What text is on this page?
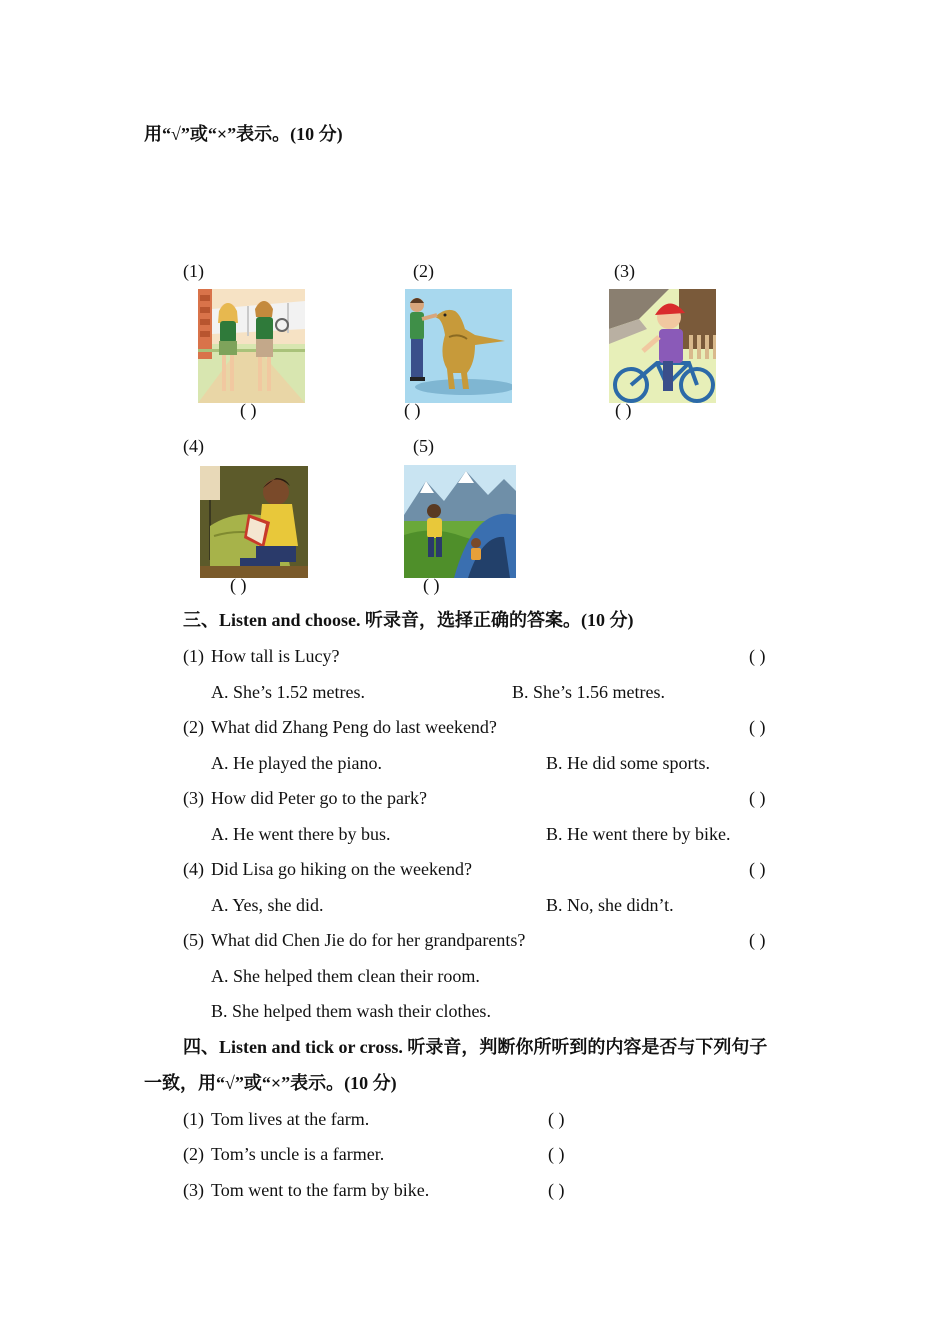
用“√”或“×”表示。(10 分)
(1)
( )
(2)
( )
(3)
( )
(4)
( )
(5)
( )
三、Listen and choose. 听录音，选择正确的答案。(10 分)
(1) How tall is Lucy?	( )
A. She’s 1.52 metres.	B. She’s 1.56 metres.
(2) What did Zhang Peng do last weekend?	( )
A. He played the piano.	B. He did some sports.
(3) How did Peter go to the park?	( )
A. He went there by bus.	B. He went there by bike.
(4) Did Lisa go hiking on the weekend?	( )
A. Yes, she did.	B. No, she didn’t.
(5) What did Chen Jie do for her grandparents?	( )
A. She helped them clean their room.
B. She helped them wash their clothes.
四、Listen and tick or cross. 听录音，判断你所听到的内容是否与下列句子
一致，用“√”或“×”表示。(10 分)
(1) Tom lives at the farm.	( )
(2) Tom’s uncle is a farmer.	( )
(3) Tom went to the farm by bike.	( )
